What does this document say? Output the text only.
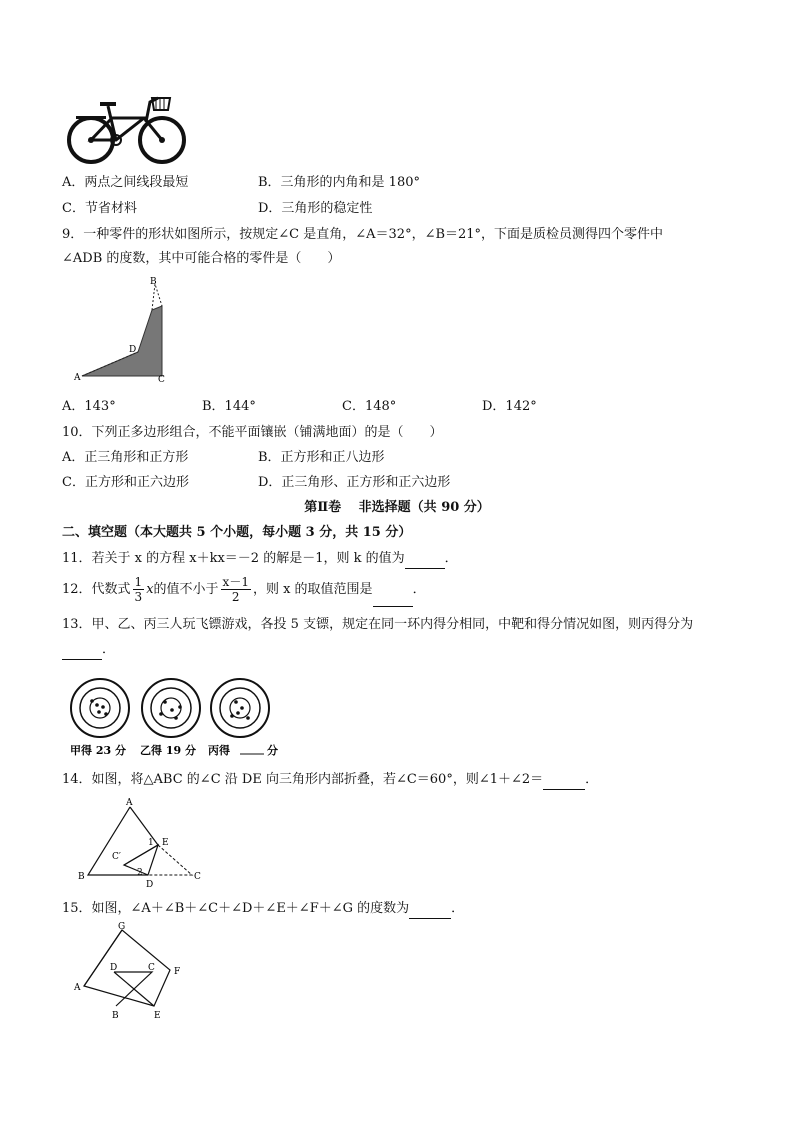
A．两点之间线段最短	B．三角形的内角和是 180°
C．节省材料	D．三角形的稳定性
9．一种零件的形状如图所示，按规定∠C 是直角，∠A＝32°，∠B＝21°，下面是质检员测得四个零件中
∠ADB 的度数，其中可能合格的零件是（　　）
B
D
A	C
A．143°	B．144°	C．148°	D．142°
10．下列正多边形组合，不能平面镶嵌（铺满地面）的是（　　）
A．正三角形和正方形	B．正方形和正八边形
C．正方形和正六边形	D．正三角形、正方形和正六边形
第Ⅱ卷　 非选择题（共 90 分）
二、填空题（本大题共 5 个小题，每小题 3 分，共 15 分）
11．若关于 x 的方程 x＋kx＝－2 的解是－1，则 k 的值为	．
12．代数式 $\frac{1}{3}$ x的值不小于 $\frac{x-1}{2}$ ，则 x 的取值范围是	．
13．甲、乙、丙三人玩飞镖游戏，各投 5 支镖，规定在同一环内得分相同，中靶和得分情况如图，则丙得分为
．
甲得 23 分 乙得 19 分 丙得	分
14．如图，将△ABC 的∠C 沿 DE 向三角形内部折叠，若∠C＝60°，则∠1＋∠2＝	．
A
B	C
C′
D
E
1
2
15．如图，∠A＋∠B＋∠C＋∠D＋∠E＋∠F＋∠G 的度数为	．
G
F
D	C
A
B	E
